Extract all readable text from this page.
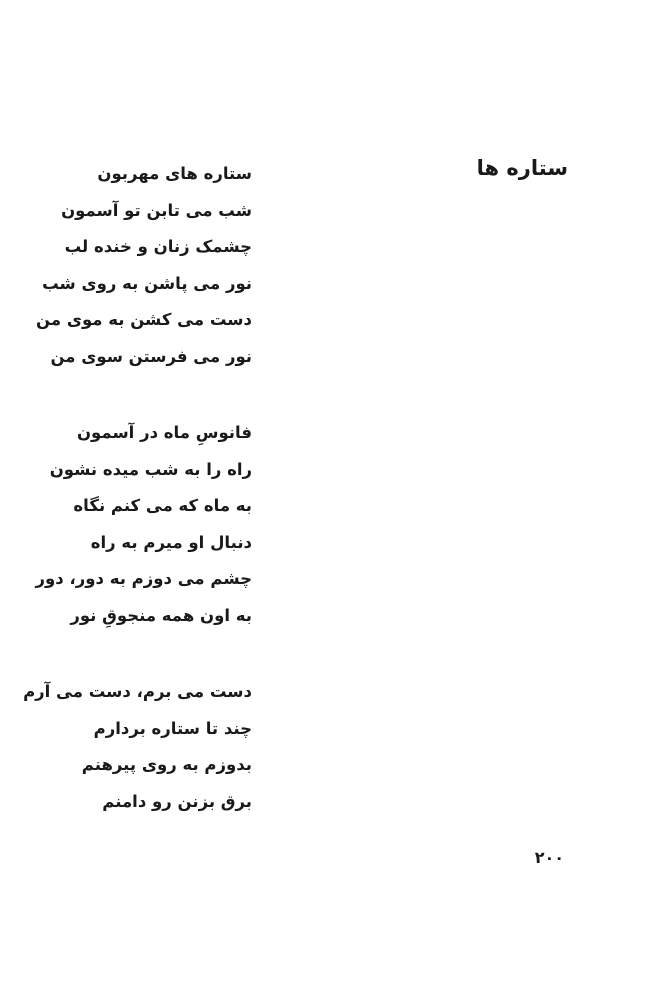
ستاره ها
ستاره های مهربون
شب می تابن تو آسمون
چشمک زنان و خنده لب
نور می پاشن به روی شب
دست می کشن به موی من
نور می فرستن سوی من
فانوسِ ماه در آسمون
راه را به شب میده نشون
به ماه که می کنم نگاه
دنبال او میرم به راه
چشم می دوزم به دور، دور
به اون همه منجوقِ نور
دست می برم، دست می آرم
چند تا ستاره بردارم
بدوزم به روی پیرهنم
برق بزنن رو دامنم
۲۰۰
